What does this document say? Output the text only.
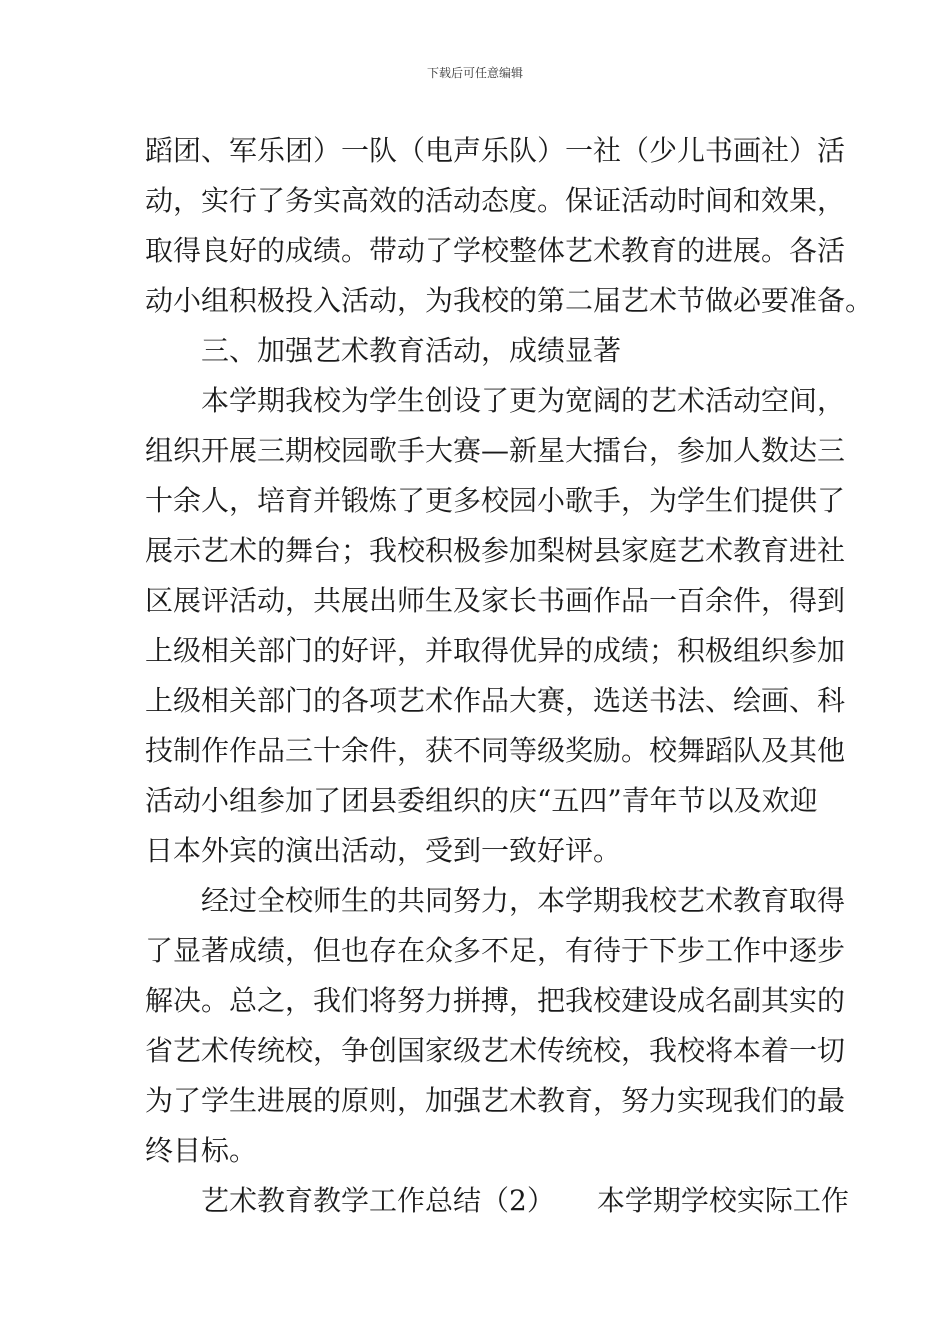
下载后可任意编辑
蹈团、军乐团）一队（电声乐队）一社（少儿书画社）活
动，实行了务实高效的活动态度。保证活动时间和效果，
取得良好的成绩。带动了学校整体艺术教育的进展。各活
动小组积极投入活动，为我校的第二届艺术节做必要准备。
三、加强艺术教育活动，成绩显著
本学期我校为学生创设了更为宽阔的艺术活动空间，
组织开展三期校园歌手大赛—新星大擂台，参加人数达三
十余人，培育并锻炼了更多校园小歌手，为学生们提供了
展示艺术的舞台；我校积极参加梨树县家庭艺术教育进社
区展评活动，共展出师生及家长书画作品一百余件，得到
上级相关部门的好评，并取得优异的成绩；积极组织参加
上级相关部门的各项艺术作品大赛，选送书法、绘画、科
技制作作品三十余件，获不同等级奖励。校舞蹈队及其他
活动小组参加了团县委组织的庆“五四”青年节以及欢迎
日本外宾的演出活动，受到一致好评。
经过全校师生的共同努力，本学期我校艺术教育取得
了显著成绩，但也存在众多不足，有待于下步工作中逐步
解决。总之，我们将努力拼搏，把我校建设成名副其实的
省艺术传统校，争创国家级艺术传统校，我校将本着一切
为了学生进展的原则，加强艺术教育，努力实现我们的最
终目标。
艺术教育教学工作总结（2）　　本学期学校实际工作
